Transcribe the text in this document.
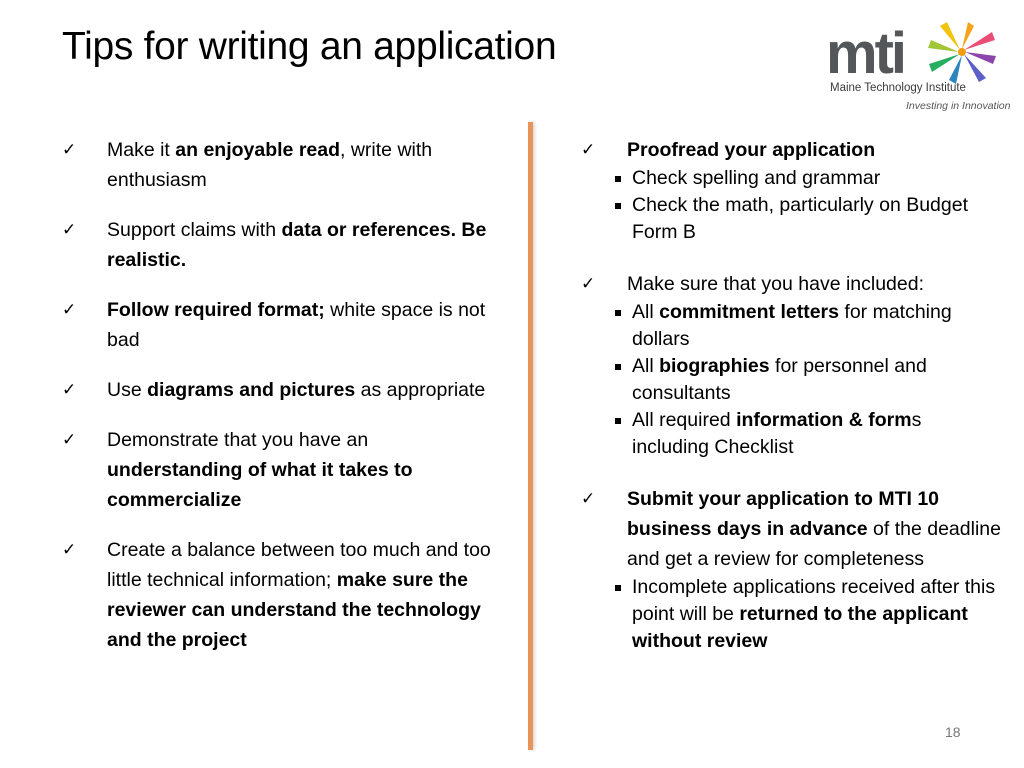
Tips for writing an application	mti
Maine Technology Institute
Investing in Innovation
✓ Make it an enjoyable read, write with enthusiasm
✓ Support claims with data or references. Be realistic.
✓ Follow required format; white space is not bad
✓ Use diagrams and pictures as appropriate
✓ Demonstrate that you have an understanding of what it takes to commercialize
✓ Create a balance between too much and too little technical information; make sure the reviewer can understand the technology and the project
✓ Proofread your application
Check spelling and grammar
Check the math, particularly on Budget Form B
✓ Make sure that you have included:
All commitment letters for matching dollars
All biographies for personnel and consultants
All required information & forms including Checklist
✓ Submit your application to MTI 10 business days in advance of the deadline and get a review for completeness
Incomplete applications received after this point will be returned to the applicant without review
18
